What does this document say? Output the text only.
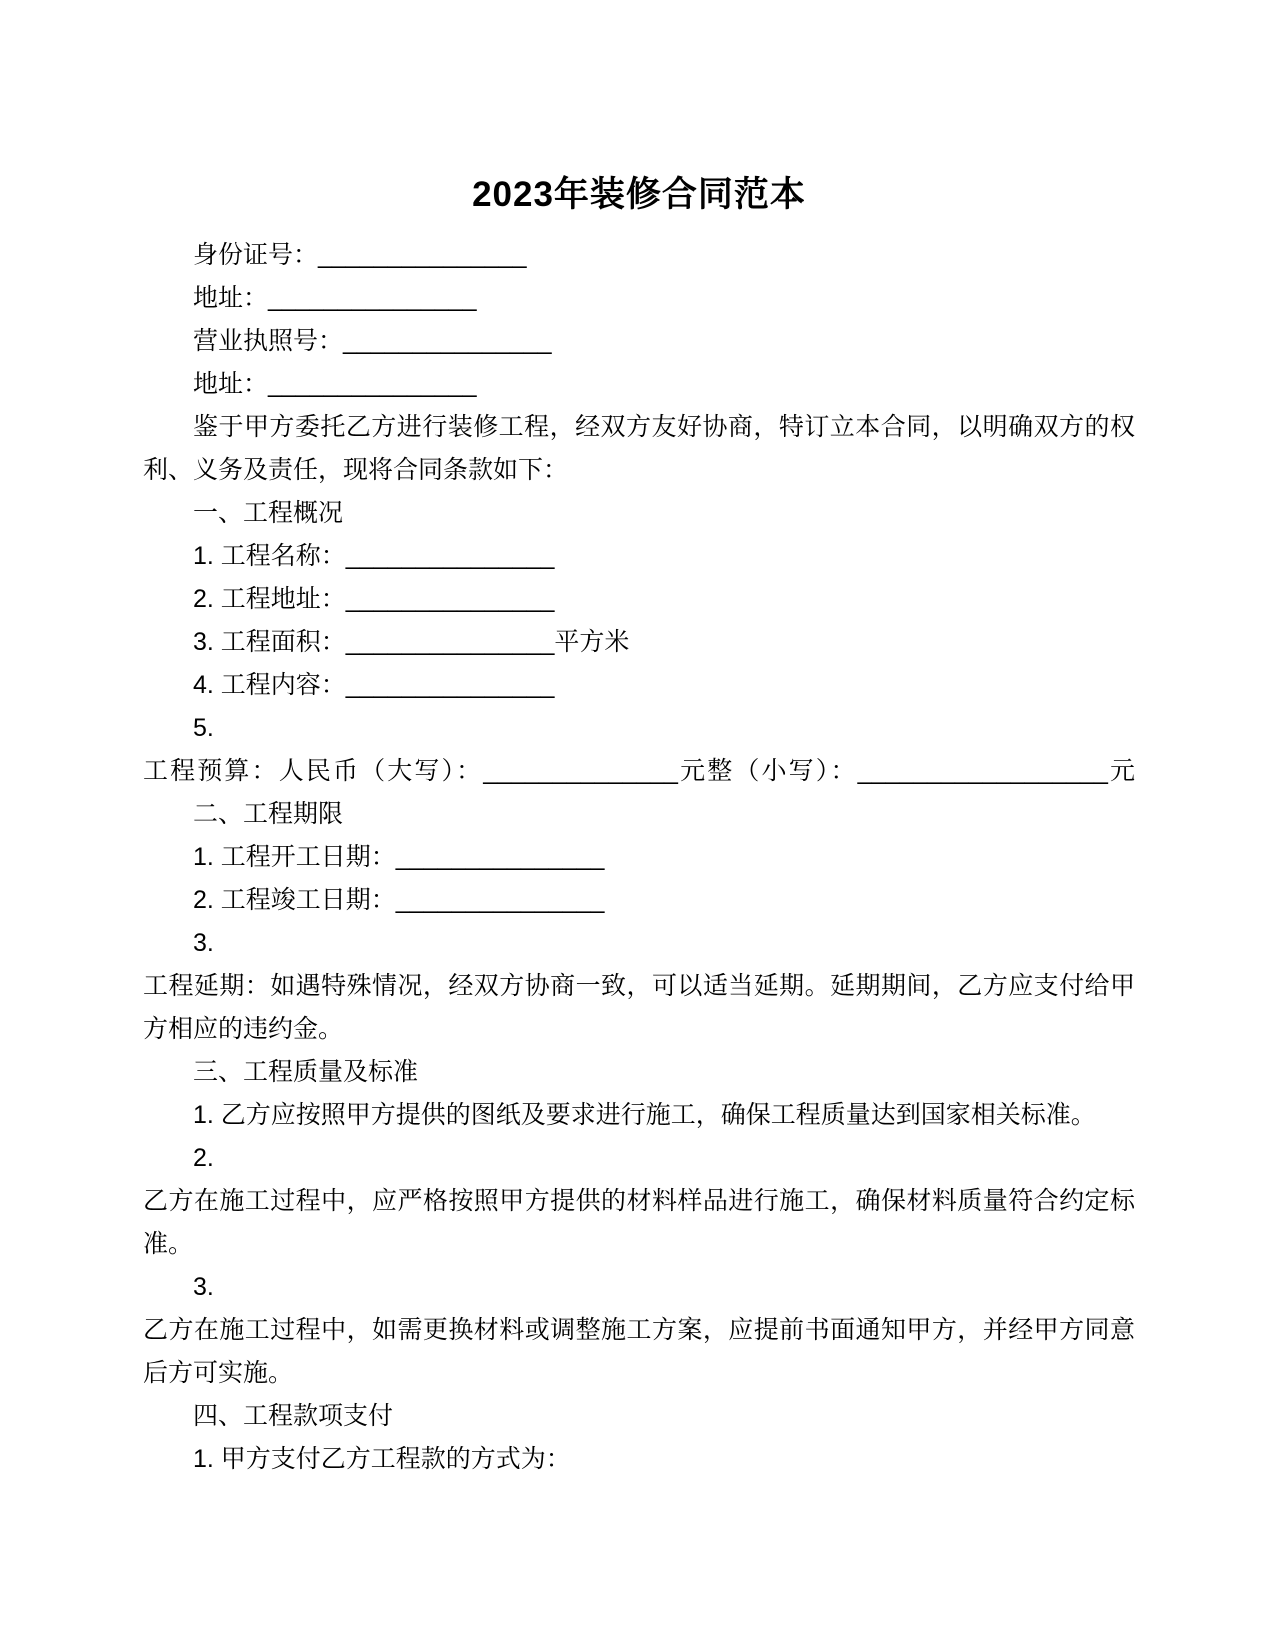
2023年装修合同范本

身份证号：_______________

地址：_______________

营业执照号：_______________

地址：_______________

鉴于甲方委托乙方进行装修工程，经双方友好协商，特订立本合同，以明确双方的权利、义务及责任，现将合同条款如下：

一、工程概况

1. 工程名称：_______________

2. 工程地址：_______________

3. 工程面积：_______________平方米

4. 工程内容：_______________

5.

工程预算：人民币（大写）：______________元整（小写）：__________________元

二、工程期限

1. 工程开工日期：_______________

2. 工程竣工日期：_______________

3.

工程延期：如遇特殊情况，经双方协商一致，可以适当延期。延期期间，乙方应支付给甲方相应的违约金。

三、工程质量及标准

1. 乙方应按照甲方提供的图纸及要求进行施工，确保工程质量达到国家相关标准。

2.

乙方在施工过程中，应严格按照甲方提供的材料样品进行施工，确保材料质量符合约定标准。

3.

乙方在施工过程中，如需更换材料或调整施工方案，应提前书面通知甲方，并经甲方同意后方可实施。

四、工程款项支付

1. 甲方支付乙方工程款的方式为：
